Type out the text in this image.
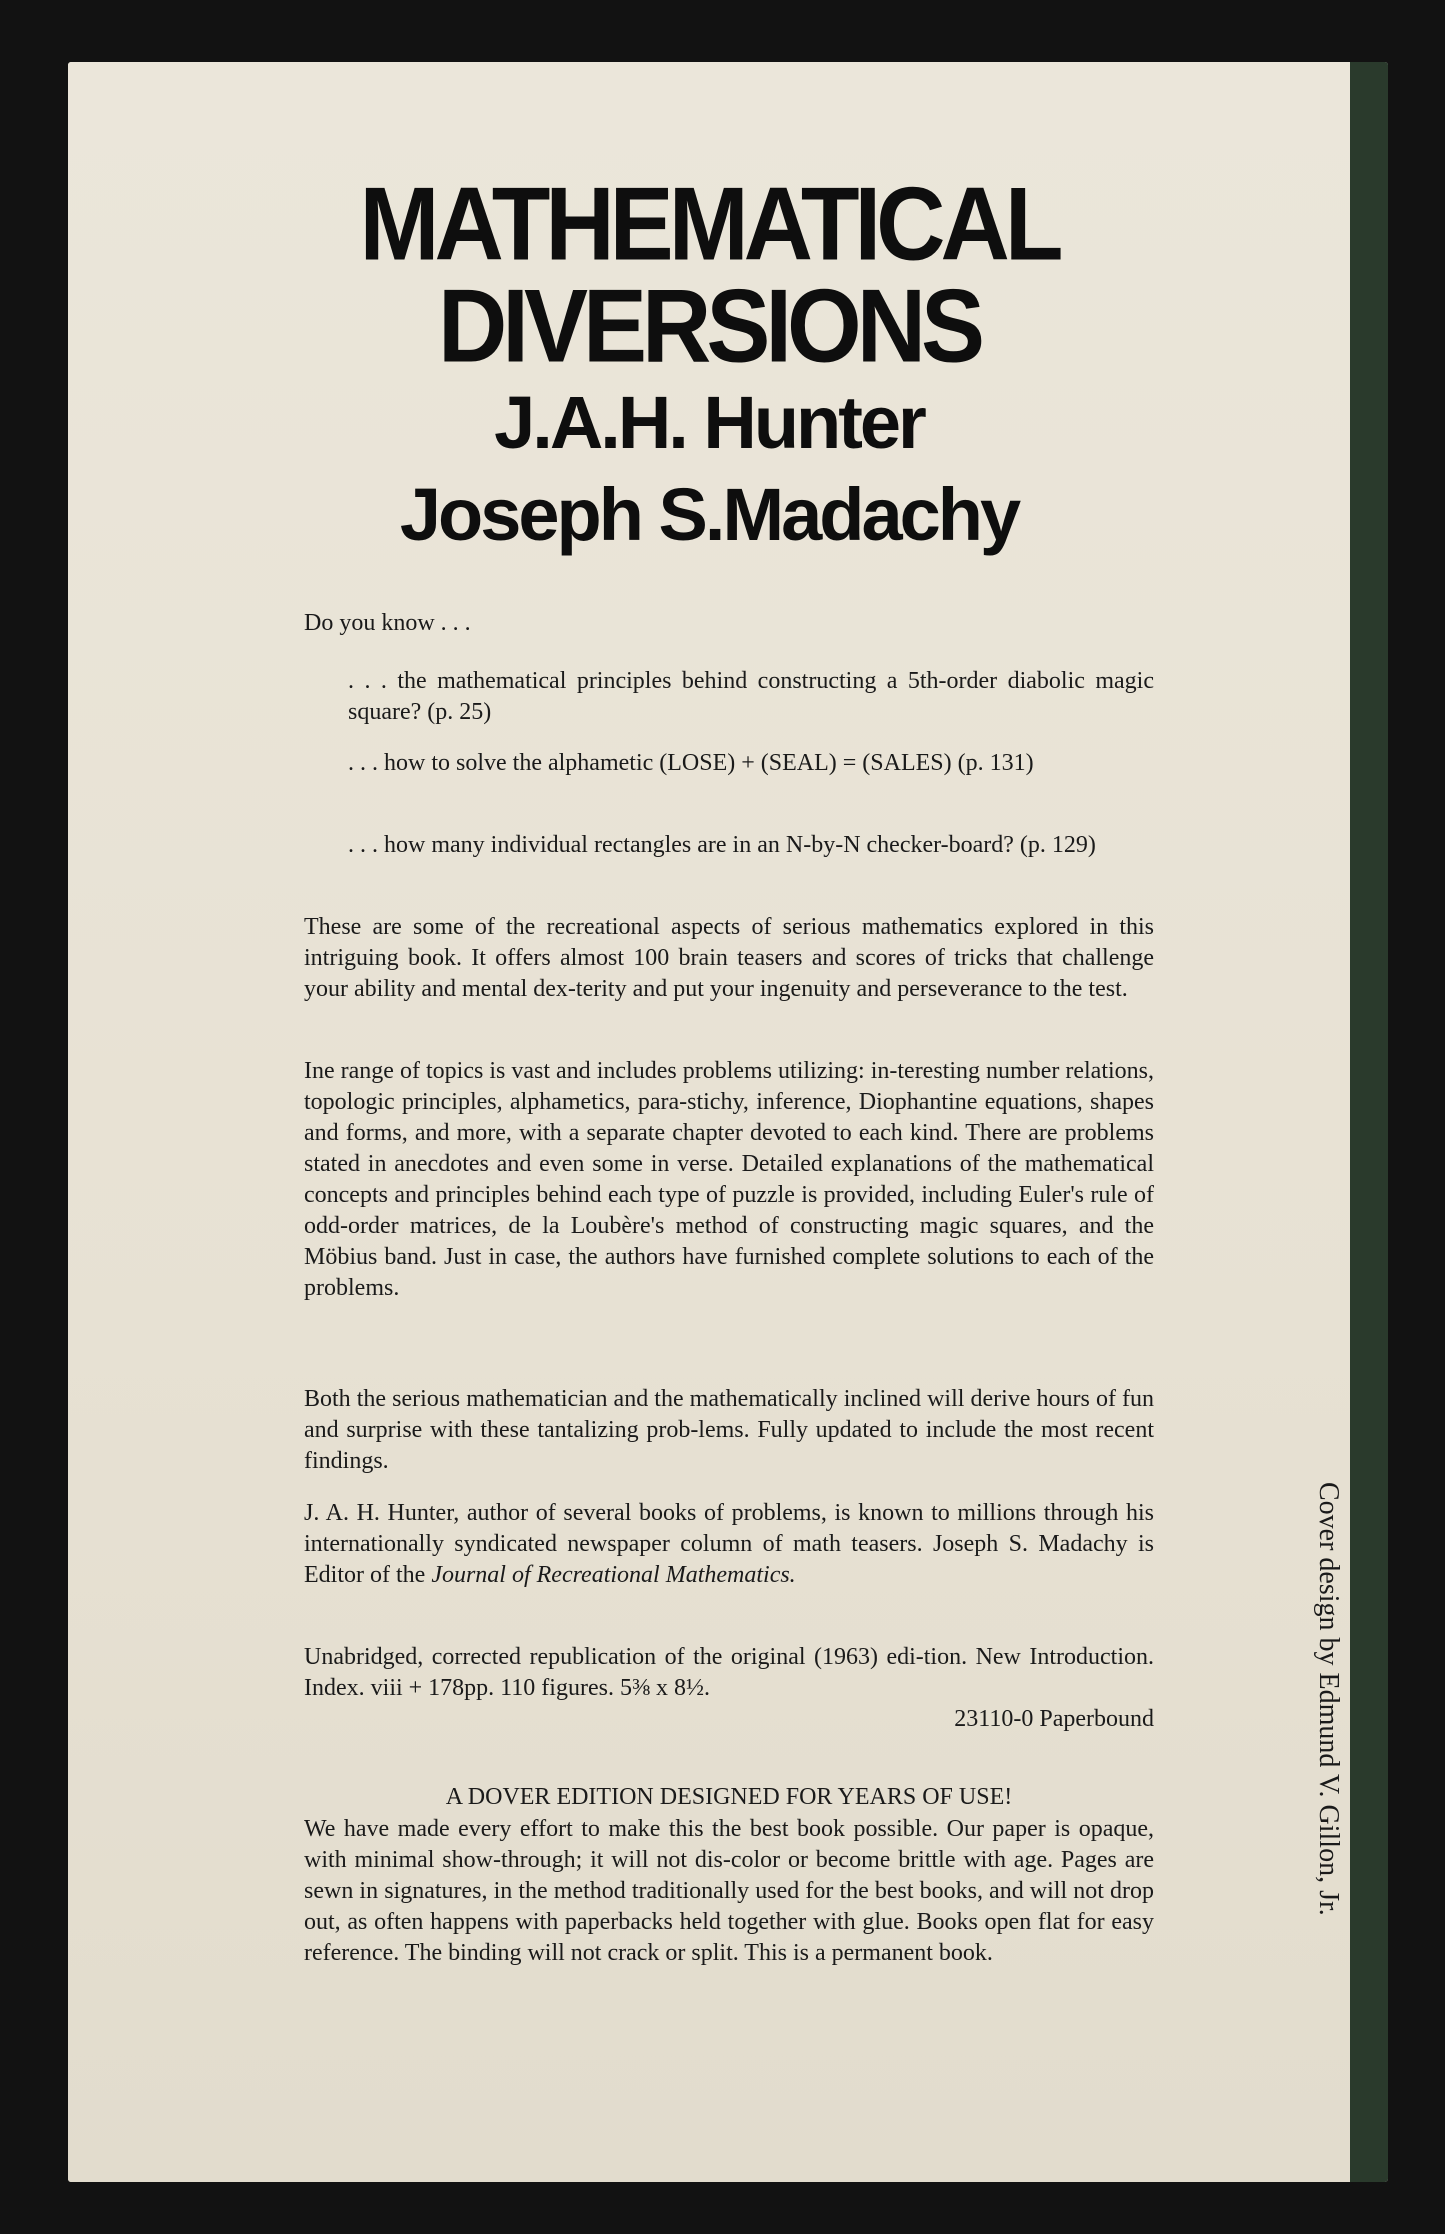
MATHEMATICAL
DIVERSIONS
J.A.H. Hunter
Joseph S.Madachy
Do you know . . .
. . . the mathematical principles behind constructing a 5th-order diabolic magic square? (p. 25)
. . . how to solve the alphametic (LOSE) + (SEAL) = (SALES) (p. 131)
. . . how many individual rectangles are in an N-by-N checker-board? (p. 129)
These are some of the recreational aspects of serious mathematics explored in this intriguing book. It offers almost 100 brain teasers and scores of tricks that challenge your ability and mental dex-terity and put your ingenuity and perseverance to the test.
Ine range of topics is vast and includes problems utilizing: in-teresting number relations, topologic principles, alphametics, para-stichy, inference, Diophantine equations, shapes and forms, and more, with a separate chapter devoted to each kind. There are problems stated in anecdotes and even some in verse. Detailed explanations of the mathematical concepts and principles behind each type of puzzle is provided, including Euler's rule of odd-order matrices, de la Loubère's method of constructing magic squares, and the Möbius band. Just in case, the authors have furnished complete solutions to each of the problems.
Both the serious mathematician and the mathematically inclined will derive hours of fun and surprise with these tantalizing prob-lems. Fully updated to include the most recent findings.
J. A. H. Hunter, author of several books of problems, is known to millions through his internationally syndicated newspaper column of math teasers. Joseph S. Madachy is Editor of the Journal of Recreational Mathematics.
Unabridged, corrected republication of the original (1963) edi-tion. New Introduction. Index. viii + 178pp. 110 figures. 5⅜ x 8½.
23110-0 Paperbound
A DOVER EDITION DESIGNED FOR YEARS OF USE!
We have made every effort to make this the best book possible. Our paper is opaque, with minimal show-through; it will not dis-color or become brittle with age. Pages are sewn in signatures, in the method traditionally used for the best books, and will not drop out, as often happens with paperbacks held together with glue. Books open flat for easy reference. The binding will not crack or split. This is a permanent book.
Cover design by Edmund V. Gillon, Jr.
